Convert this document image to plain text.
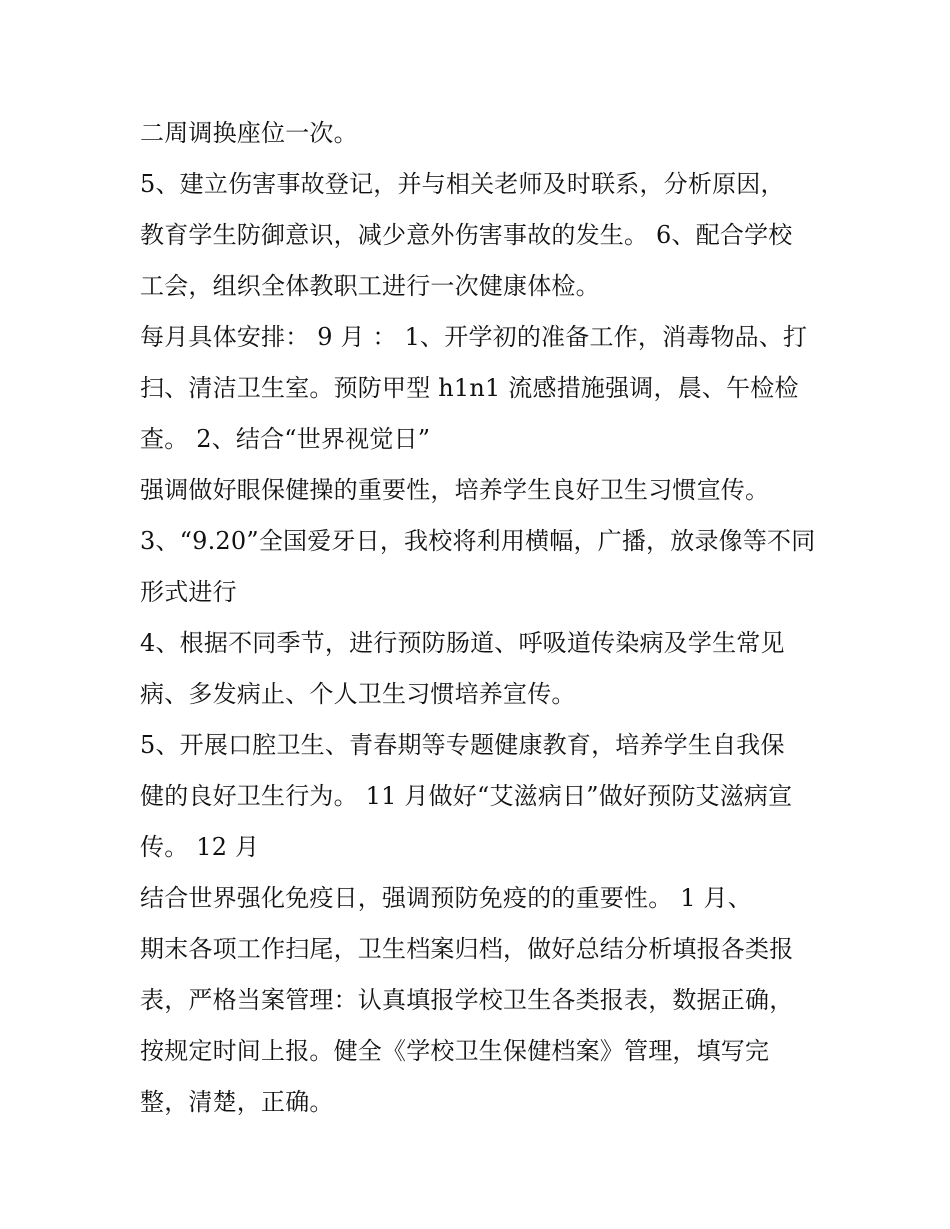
二周调换座位一次。
5、建立伤害事故登记，并与相关老师及时联系，分析原因，
教育学生防御意识，减少意外伤害事故的发生。 6、配合学校
工会，组织全体教职工进行一次健康体检。
每月具体安排： 9 月 ： 1、开学初的准备工作，消毒物品、打
扫、清洁卫生室。预防甲型 h1n1 流感措施强调，晨、午检检
查。 2、结合“世界视觉日”
强调做好眼保健操的重要性，培养学生良好卫生习惯宣传。
3、“9.20”全国爱牙日，我校将利用横幅，广播，放录像等不同
形式进行
4、根据不同季节，进行预防肠道、呼吸道传染病及学生常见
病、多发病止、个人卫生习惯培养宣传。
5、开展口腔卫生、青春期等专题健康教育，培养学生自我保
健的良好卫生行为。 11 月做好“艾滋病日”做好预防艾滋病宣
传。 12 月
结合世界强化免疫日，强调预防免疫的的重要性。 1 月、
期末各项工作扫尾，卫生档案归档，做好总结分析填报各类报
表，严格当案管理：认真填报学校卫生各类报表，数据正确，
按规定时间上报。健全《学校卫生保健档案》管理，填写完
整，清楚，正确。
